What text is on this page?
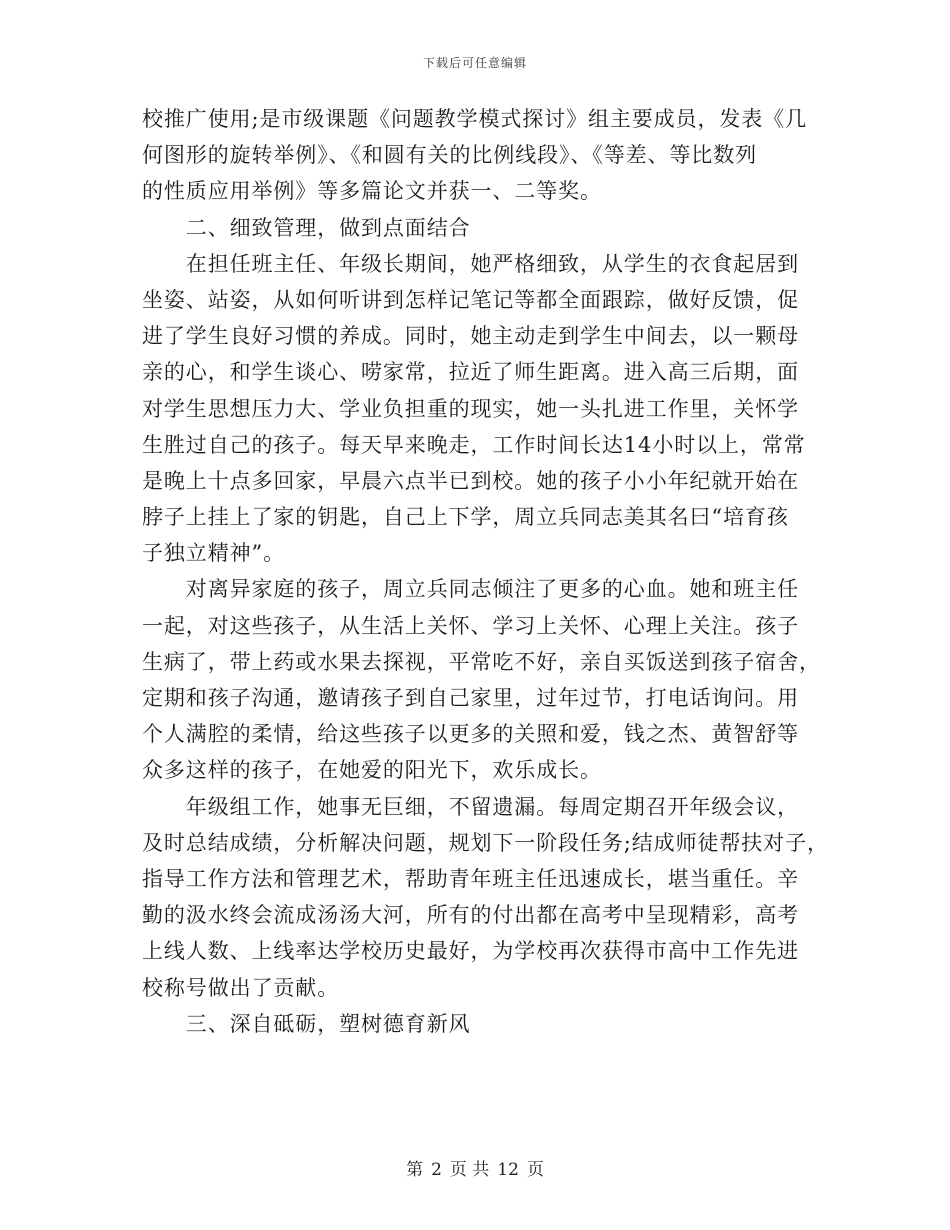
下载后可任意编辑
校推广使用;是市级课题《问题教学模式探讨》组主要成员，发表《几
何图形的旋转举例》、《和圆有关的比例线段》、《等差、等比数列
的性质应用举例》等多篇论文并获一、二等奖。
　　二、细致管理，做到点面结合
　　在担任班主任、年级长期间，她严格细致，从学生的衣食起居到
坐姿、站姿，从如何听讲到怎样记笔记等都全面跟踪，做好反馈，促
进了学生良好习惯的养成。同时，她主动走到学生中间去，以一颗母
亲的心，和学生谈心、唠家常，拉近了师生距离。进入高三后期，面
对学生思想压力大、学业负担重的现实，她一头扎进工作里，关怀学
生胜过自己的孩子。每天早来晚走，工作时间长达14小时以上，常常
是晚上十点多回家，早晨六点半已到校。她的孩子小小年纪就开始在
脖子上挂上了家的钥匙，自己上下学，周立兵同志美其名曰“培育孩
子独立精神”。
　　对离异家庭的孩子，周立兵同志倾注了更多的心血。她和班主任
一起，对这些孩子，从生活上关怀、学习上关怀、心理上关注。孩子
生病了，带上药或水果去探视，平常吃不好，亲自买饭送到孩子宿舍，
定期和孩子沟通，邀请孩子到自己家里，过年过节，打电话询问。用
个人满腔的柔情，给这些孩子以更多的关照和爱，钱之杰、黄智舒等
众多这样的孩子，在她爱的阳光下，欢乐成长。
　　年级组工作，她事无巨细，不留遗漏。每周定期召开年级会议，
及时总结成绩，分析解决问题，规划下一阶段任务;结成师徒帮扶对子，
指导工作方法和管理艺术，帮助青年班主任迅速成长，堪当重任。辛
勤的汲水终会流成汤汤大河，所有的付出都在高考中呈现精彩，高考
上线人数、上线率达学校历史最好，为学校再次获得市高中工作先进
校称号做出了贡献。
　　三、深自砥砺，塑树德育新风
第 2 页 共 12 页
